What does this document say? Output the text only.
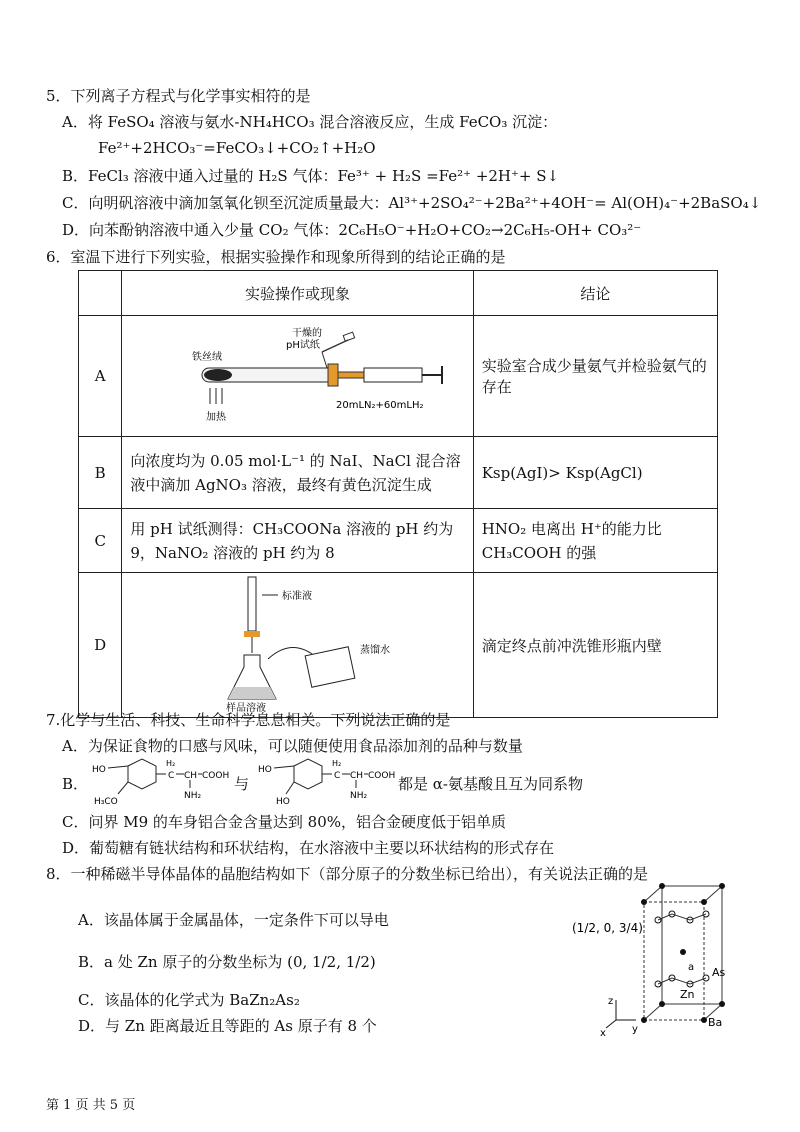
5．下列离子方程式与化学事实相符的是
A．将 FeSO₄ 溶液与氨水-NH₄HCO₃ 混合溶液反应，生成 FeCO₃ 沉淀：
Fe²⁺+2HCO₃⁻=FeCO₃↓+CO₂↑+H₂O
B．FeCl₃ 溶液中通入过量的 H₂S 气体：Fe³⁺ + H₂S =Fe²⁺ +2H⁺+ S↓
C．向明矾溶液中滴加氢氧化钡至沉淀质量最大：Al³⁺+2SO₄²⁻+2Ba²⁺+4OH⁻= Al(OH)₄⁻+2BaSO₄↓
D．向苯酚钠溶液中通入少量 CO₂ 气体：2C₆H₅O⁻+H₂O+CO₂→2C₆H₅-OH+ CO₃²⁻
6．室温下进行下列实验，根据实验操作和现象所得到的结论正确的是
	实验操作或现象	结论
A	铁丝绒
干燥的
pH试纸
加热
20mLN₂+60mLH₂	实验室合成少量氨气并检验氨气的存在
B	向浓度均为 0.05 mol·L⁻¹ 的 NaI、NaCl 混合溶液中滴加 AgNO₃ 溶液，最终有黄色沉淀生成	Ksp(AgI)> Ksp(AgCl)
C	用 pH 试纸测得：CH₃COONa 溶液的 pH 约为 9，NaNO₂ 溶液的 pH 约为 8	HNO₂ 电离出 H⁺的能力比 CH₃COOH 的强
D	标准液
蒸馏水
样品溶液	滴定终点前冲洗锥形瓶内壁
7.化学与生活、科技、生命科学息息相关。下列说法正确的是
A．为保证食物的口感与风味，可以随便使用食品添加剂的品种与数量
B．
HO
H₃CO
H₂
C CH COOH
NH₂
与
HO
HO
H₂
C CH COOH
NH₂
都是 α-氨基酸且互为同系物
C．问界 M9 的车身铝合金含量达到 80%，铝合金硬度低于铝单质
D．葡萄糖有链状结构和环状结构，在水溶液中主要以环状结构的形式存在
8．一种稀磁半导体晶体的晶胞结构如下（部分原子的分数坐标已给出），有关说法正确的是
A．该晶体属于金属晶体，一定条件下可以导电
B．a 处 Zn 原子的分数坐标为 (0, 1/2, 1/2)
C．该晶体的化学式为 BaZn₂As₂
D．与 Zn 距离最近且等距的 As 原子有 8 个
(1/2, 0, 3/4)
a As
Zn
Ba
z
y
x
第 1 页 共 5 页
